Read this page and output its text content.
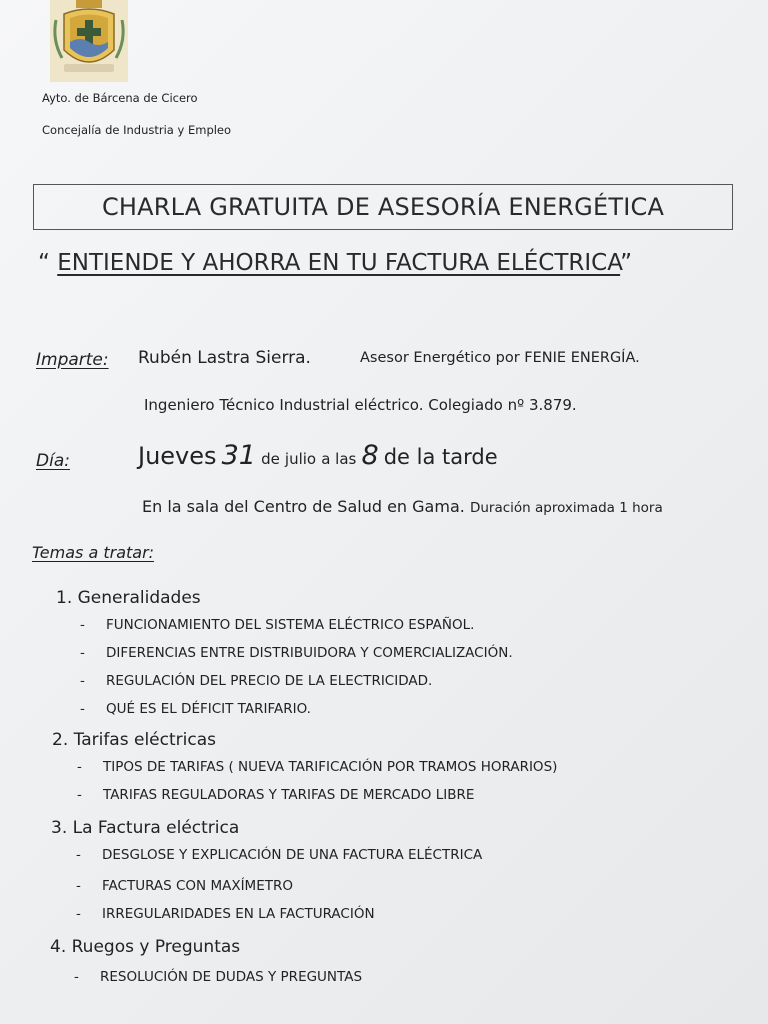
Ayto. de Bárcena de Cicero
Concejalía de Industria y Empleo
CHARLA GRATUITA DE ASESORÍA ENERGÉTICA
“ ENTIENDE Y AHORRA EN TU FACTURA ELÉCTRICA”
Imparte: Rubén Lastra Sierra.	Asesor Energético por FENIE ENERGÍA.
Ingeniero Técnico Industrial eléctrico. Colegiado nº 3.879.
Día:	Jueves 31 de julio a las 8 de la tarde
En la sala del Centro de Salud en Gama. Duración aproximada 1 hora
Temas a tratar:
1. Generalidades
- FUNCIONAMIENTO DEL SISTEMA ELÉCTRICO ESPAÑOL.
- DIFERENCIAS ENTRE DISTRIBUIDORA Y COMERCIALIZACIÓN.
- REGULACIÓN DEL PRECIO DE LA ELECTRICIDAD.
- QUÉ ES EL DÉFICIT TARIFARIO.
2. Tarifas eléctricas
- TIPOS DE TARIFAS ( NUEVA TARIFICACIÓN POR TRAMOS HORARIOS)
- TARIFAS REGULADORAS Y TARIFAS DE MERCADO LIBRE
3. La Factura eléctrica
- DESGLOSE Y EXPLICACIÓN DE UNA FACTURA ELÉCTRICA
- FACTURAS CON MAXÍMETRO
- IRREGULARIDADES EN LA FACTURACIÓN
4. Ruegos y Preguntas
- RESOLUCIÓN DE DUDAS Y PREGUNTAS
